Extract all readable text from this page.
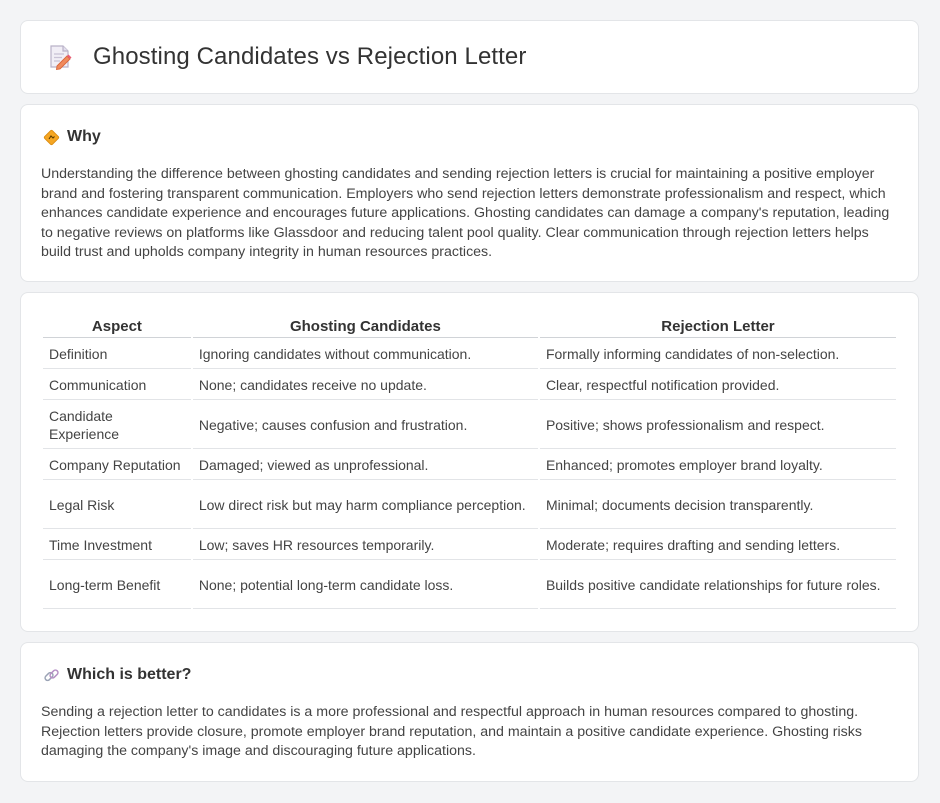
Ghosting Candidates vs Rejection Letter
Why

Understanding the difference between ghosting candidates and sending rejection letters is crucial for maintaining a positive employer brand and fostering transparent communication. Employers who send rejection letters demonstrate professionalism and respect, which enhances candidate experience and encourages future applications. Ghosting candidates can damage a company's reputation, leading to negative reviews on platforms like Glassdoor and reducing talent pool quality. Clear communication through rejection letters helps build trust and upholds company integrity in human resources practices.

Aspect	Ghosting Candidates	Rejection Letter
Definition	Ignoring candidates without communication.	Formally informing candidates of non-selection.
Communication	None; candidates receive no update.	Clear, respectful notification provided.
Candidate Experience	Negative; causes confusion and frustration.	Positive; shows professionalism and respect.
Company Reputation	Damaged; viewed as unprofessional.	Enhanced; promotes employer brand loyalty.
Legal Risk	Low direct risk but may harm compliance perception.	Minimal; documents decision transparently.
Time Investment	Low; saves HR resources temporarily.	Moderate; requires drafting and sending letters.
Long-term Benefit	None; potential long-term candidate loss.	Builds positive candidate relationships for future roles.
Which is better?

Sending a rejection letter to candidates is a more professional and respectful approach in human resources compared to ghosting. Rejection letters provide closure, promote employer brand reputation, and maintain a positive candidate experience. Ghosting risks damaging the company's image and discouraging future applications.
